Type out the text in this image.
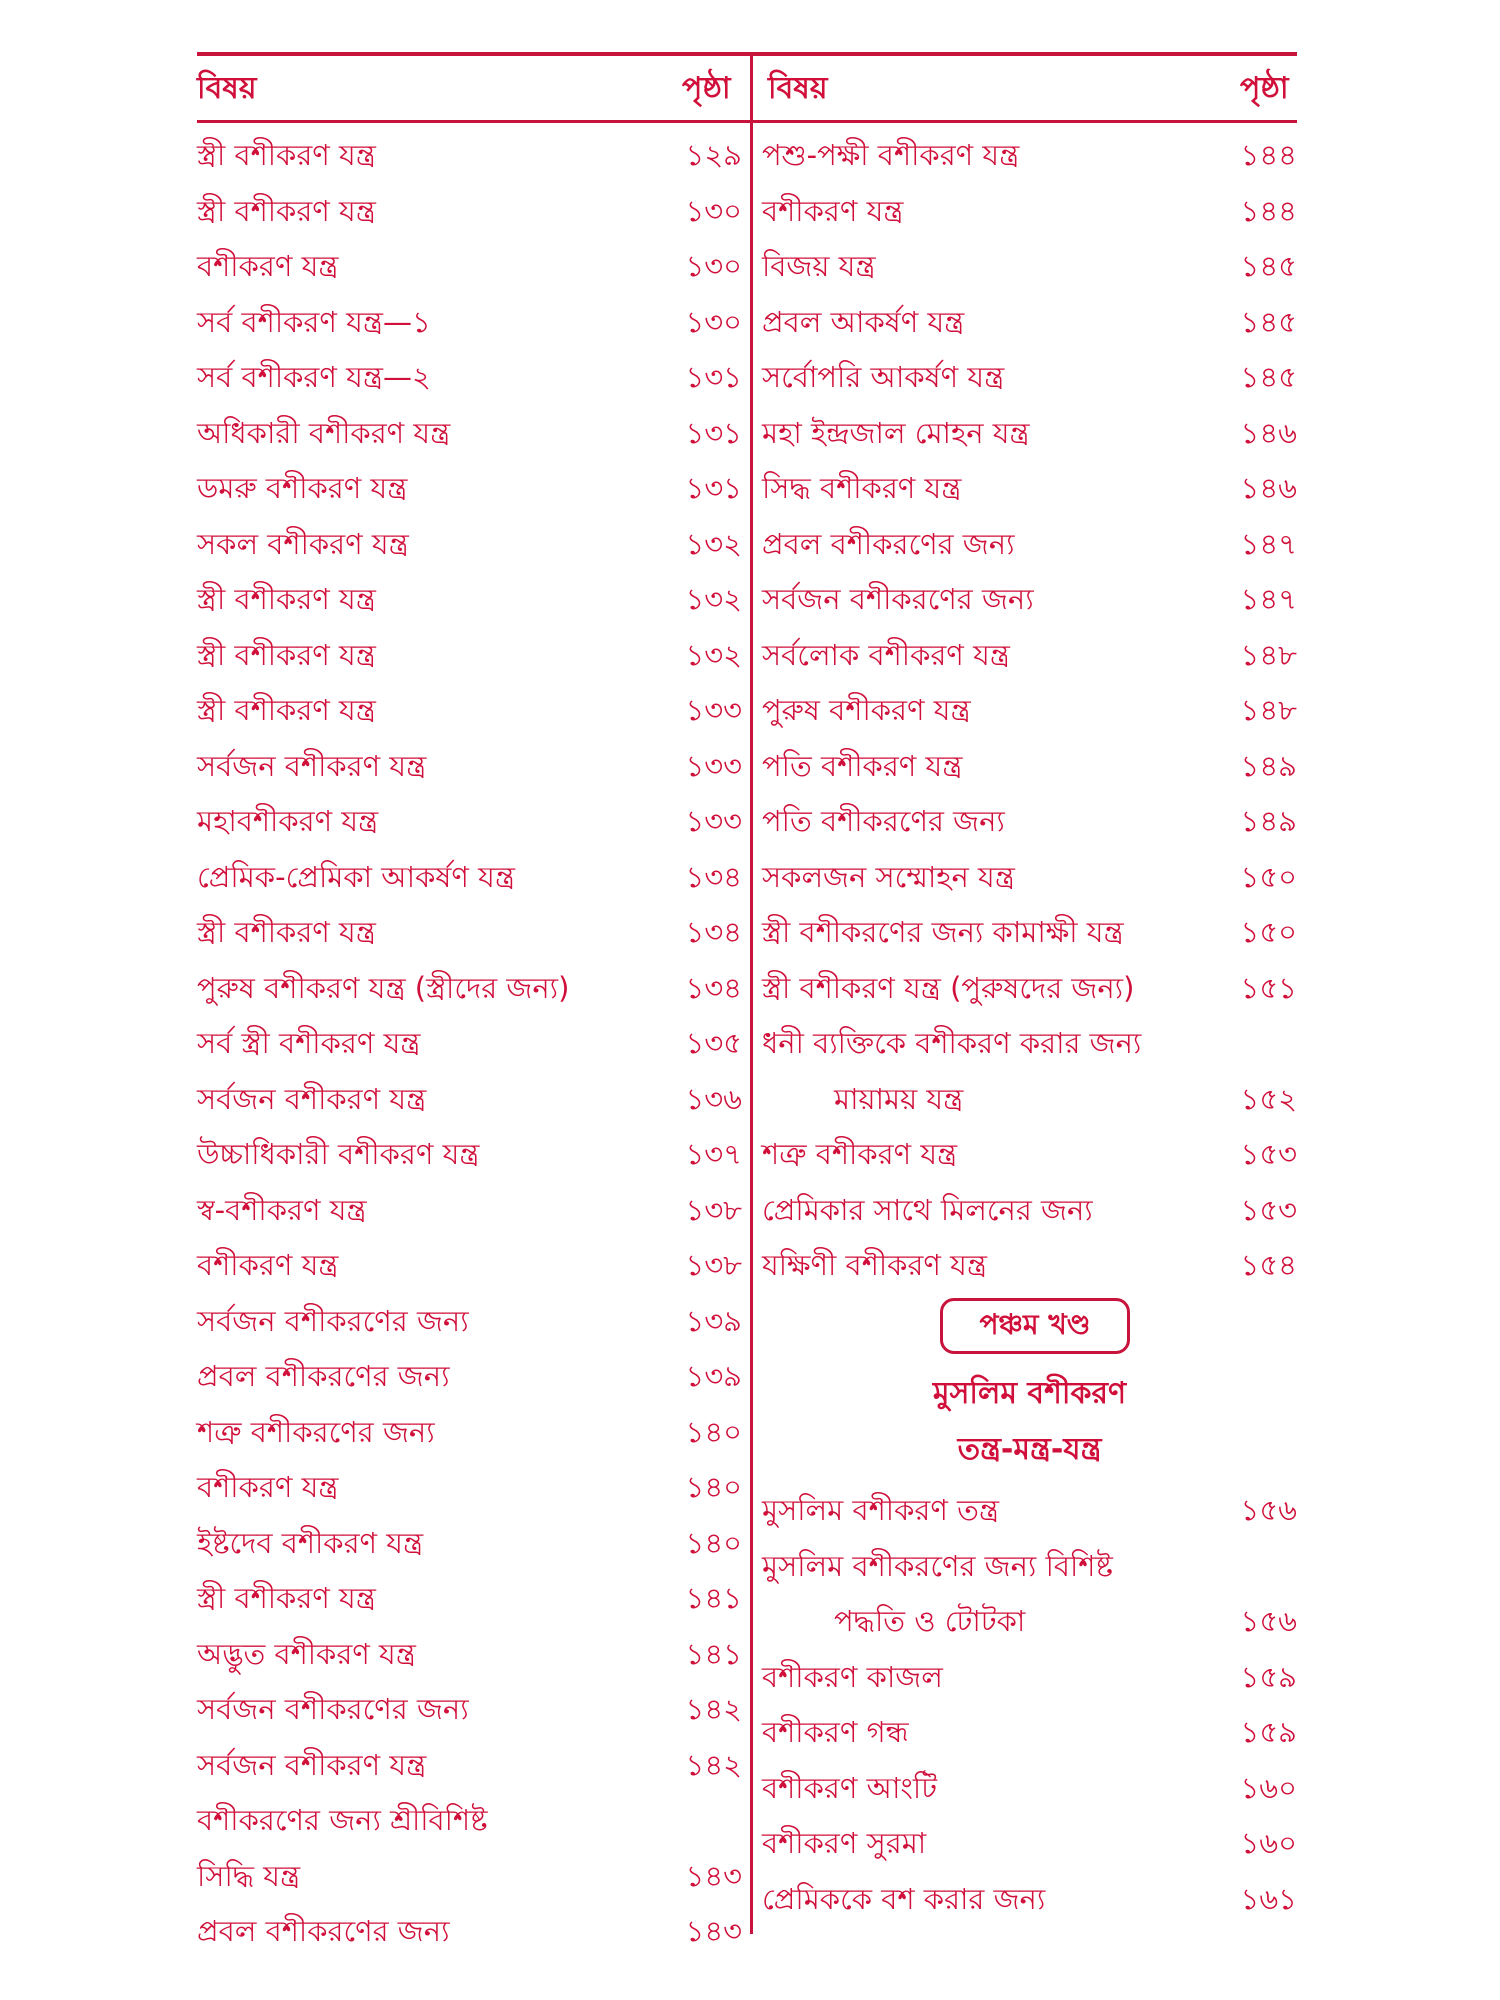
বিষয়	পৃষ্ঠা বিষয়	পৃষ্ঠা
স্ত্রী বশীকরণ যন্ত্র	১২৯
স্ত্রী বশীকরণ যন্ত্র	১৩০
বশীকরণ যন্ত্র	১৩০
সর্ব বশীকরণ যন্ত্র—১	১৩০
সর্ব বশীকরণ যন্ত্র—২	১৩১
অধিকারী বশীকরণ যন্ত্র	১৩১
ডমরু বশীকরণ যন্ত্র	১৩১
সকল বশীকরণ যন্ত্র	১৩২
স্ত্রী বশীকরণ যন্ত্র	১৩২
স্ত্রী বশীকরণ যন্ত্র	১৩২
স্ত্রী বশীকরণ যন্ত্র	১৩৩
সর্বজন বশীকরণ যন্ত্র	১৩৩
মহাবশীকরণ যন্ত্র	১৩৩
প্রেমিক-প্রেমিকা আকর্ষণ যন্ত্র	১৩৪
স্ত্রী বশীকরণ যন্ত্র	১৩৪
পুরুষ বশীকরণ যন্ত্র (স্ত্রীদের জন্য)	১৩৪
সর্ব স্ত্রী বশীকরণ যন্ত্র	১৩৫
সর্বজন বশীকরণ যন্ত্র	১৩৬
উচ্চাধিকারী বশীকরণ যন্ত্র	১৩৭
স্ব-বশীকরণ যন্ত্র	১৩৮
বশীকরণ যন্ত্র	১৩৮
সর্বজন বশীকরণের জন্য	১৩৯
প্রবল বশীকরণের জন্য	১৩৯
শত্রু বশীকরণের জন্য	১৪০
বশীকরণ যন্ত্র	১৪০
ইষ্টদেব বশীকরণ যন্ত্র	১৪০
স্ত্রী বশীকরণ যন্ত্র	১৪১
অদ্ভুত বশীকরণ যন্ত্র	১৪১
সর্বজন বশীকরণের জন্য	১৪২
সর্বজন বশীকরণ যন্ত্র	১৪২
বশীকরণের জন্য শ্রীবিশিষ্ট
সিদ্ধি যন্ত্র	১৪৩
প্রবল বশীকরণের জন্য	১৪৩
পশু-পক্ষী বশীকরণ যন্ত্র	১৪৪
বশীকরণ যন্ত্র	১৪৪
বিজয় যন্ত্র	১৪৫
প্রবল আকর্ষণ যন্ত্র	১৪৫
সর্বোপরি আকর্ষণ যন্ত্র	১৪৫
মহা ইন্দ্রজাল মোহন যন্ত্র	১৪৬
সিদ্ধ বশীকরণ যন্ত্র	১৪৬
প্রবল বশীকরণের জন্য	১৪৭
সর্বজন বশীকরণের জন্য	১৪৭
সর্বলোক বশীকরণ যন্ত্র	১৪৮
পুরুষ বশীকরণ যন্ত্র	১৪৮
পতি বশীকরণ যন্ত্র	১৪৯
পতি বশীকরণের জন্য	১৪৯
সকলজন সম্মোহন যন্ত্র	১৫০
স্ত্রী বশীকরণের জন্য কামাক্ষী যন্ত্র	১৫০
স্ত্রী বশীকরণ যন্ত্র (পুরুষদের জন্য)	১৫১
ধনী ব্যক্তিকে বশীকরণ করার জন্য
মায়াময় যন্ত্র	১৫২
শত্রু বশীকরণ যন্ত্র	১৫৩
প্রেমিকার সাথে মিলনের জন্য	১৫৩
যক্ষিণী বশীকরণ যন্ত্র	১৫৪
মুসলিম বশীকরণ তন্ত্র	১৫৬
মুসলিম বশীকরণের জন্য বিশিষ্ট
পদ্ধতি ও টোটকা	১৫৬
বশীকরণ কাজল	১৫৯
বশীকরণ গন্ধ	১৫৯
বশীকরণ আংটি	১৬০
বশীকরণ সুরমা	১৬০
প্রেমিককে বশ করার জন্য	১৬১
পঞ্চম খণ্ড
মুসলিম বশীকরণ
তন্ত্র-মন্ত্র-যন্ত্র
